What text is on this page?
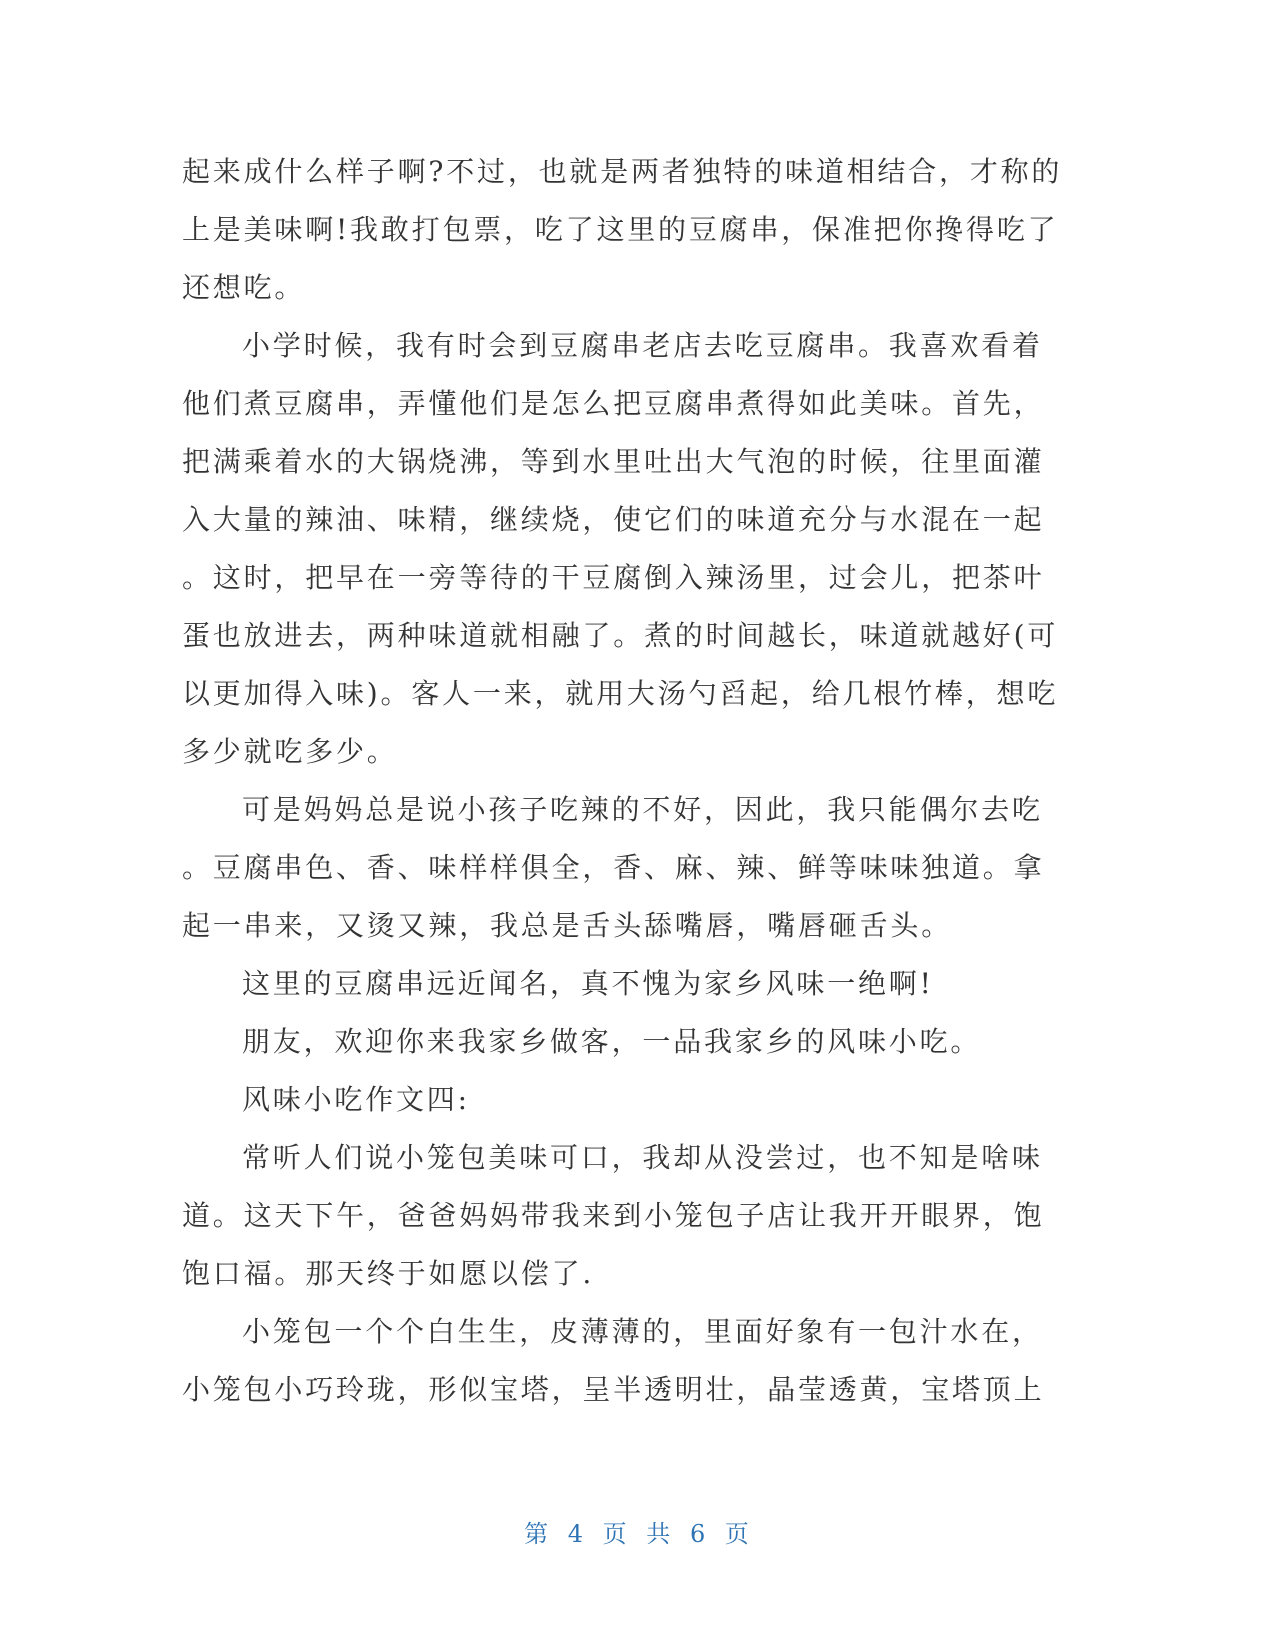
起来成什么样子啊?不过，也就是两者独特的味道相结合，才称的
上是美味啊!我敢打包票，吃了这里的豆腐串，保准把你搀得吃了
还想吃。
小学时候，我有时会到豆腐串老店去吃豆腐串。我喜欢看着
他们煮豆腐串，弄懂他们是怎么把豆腐串煮得如此美味。首先，
把满乘着水的大锅烧沸，等到水里吐出大气泡的时候，往里面灌
入大量的辣油、味精，继续烧，使它们的味道充分与水混在一起
。这时，把早在一旁等待的干豆腐倒入辣汤里，过会儿，把茶叶
蛋也放进去，两种味道就相融了。煮的时间越长，味道就越好(可
以更加得入味)。客人一来，就用大汤勺舀起，给几根竹棒，想吃
多少就吃多少。
可是妈妈总是说小孩子吃辣的不好，因此，我只能偶尔去吃
。豆腐串色、香、味样样俱全，香、麻、辣、鲜等味味独道。拿
起一串来，又烫又辣，我总是舌头舔嘴唇，嘴唇砸舌头。
这里的豆腐串远近闻名，真不愧为家乡风味一绝啊!
朋友，欢迎你来我家乡做客，一品我家乡的风味小吃。
风味小吃作文四:
常听人们说小笼包美味可口，我却从没尝过，也不知是啥味
道。这天下午，爸爸妈妈带我来到小笼包子店让我开开眼界，饱
饱口福。那天终于如愿以偿了.
小笼包一个个白生生，皮薄薄的，里面好象有一包汁水在，
小笼包小巧玲珑，形似宝塔，呈半透明壮，晶莹透黄，宝塔顶上
第 4 页 共 6 页
